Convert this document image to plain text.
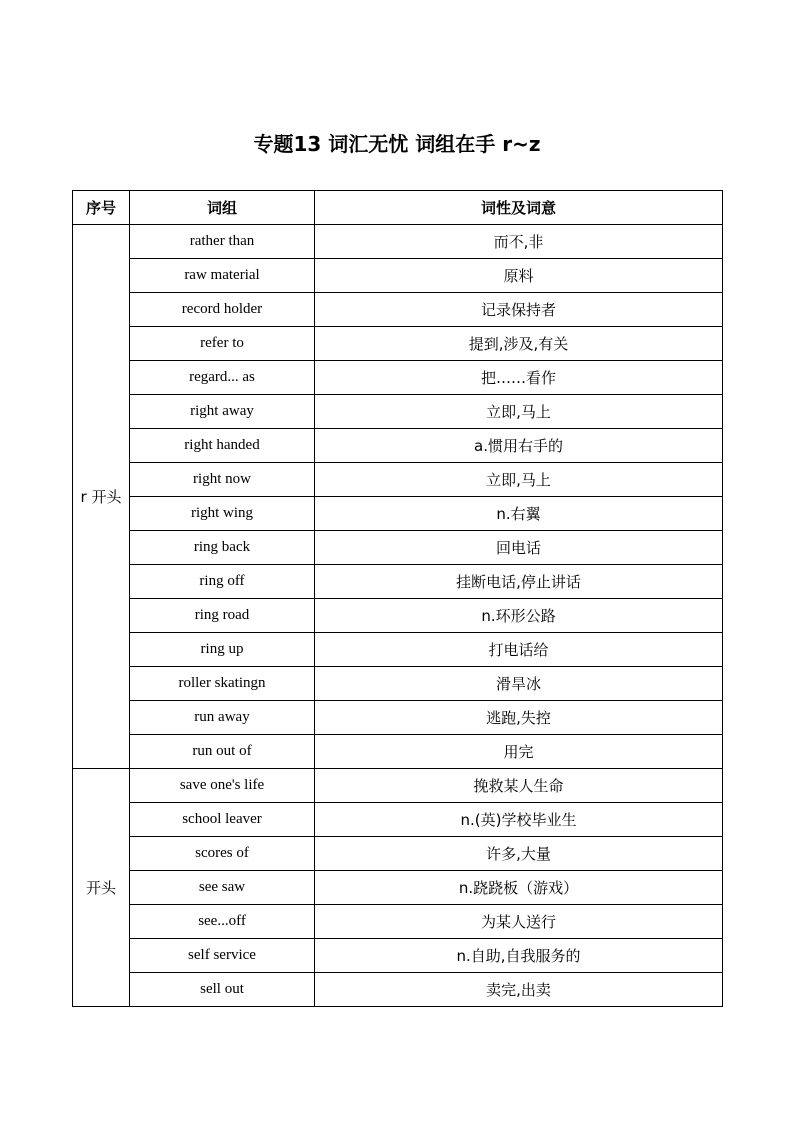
专题13 词汇无忧 词组在手 r~z
序号	词组	词性及词意
r 开头	rather than	而不,非
	raw material	原料
	record holder	记录保持者
	refer to	提到,涉及,有关
	regard... as	把……看作
	right away	立即,马上
	right handed	a.惯用右手的
	right now	立即,马上
	right wing	n.右翼
	ring back	回电话
	ring off	挂断电话,停止讲话
	ring road	n.环形公路
	ring up	打电话给
	roller skatingn	滑旱冰
	run away	逃跑,失控
	run out of	用完
开头	save one's life	挽救某人生命
	school leaver	n.(英)学校毕业生
	scores of	许多,大量
	see saw	n.跷跷板（游戏）
	see...off	为某人送行
	self service	n.自助,自我服务的
	sell out	卖完,出卖
